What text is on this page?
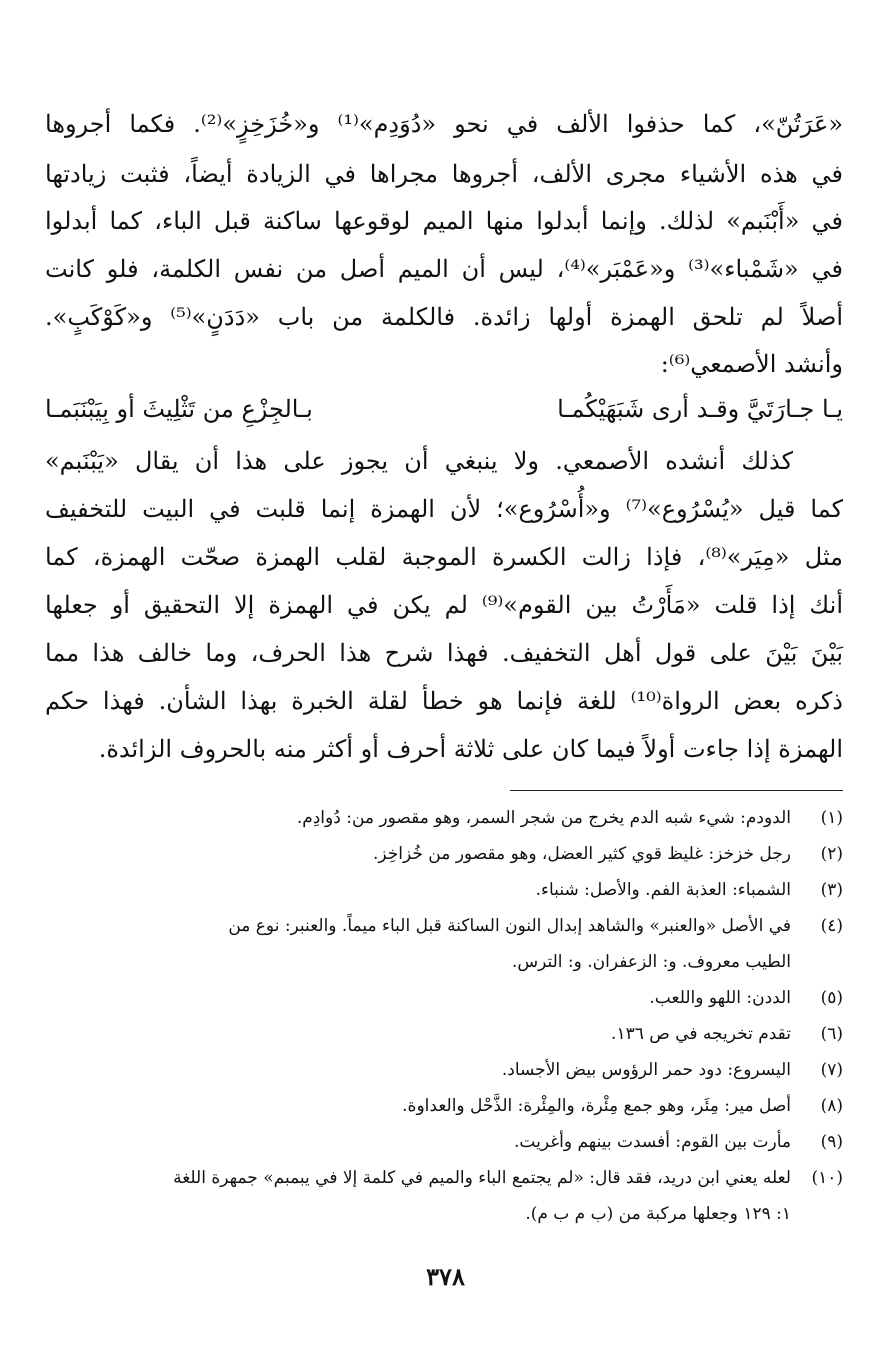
«عَرَتُنّ»، كما حذفوا الألف في نحو «دُوَدِم»⁽¹⁾ و«خُزَخِزٍ»⁽²⁾. فكما أجروها
في هذه الأشياء مجرى الألف، أجروها مجراها في الزيادة أيضاً، فثبت زيادتها
في «أَبْنَبم» لذلك. وإنما أبدلوا منها الميم لوقوعها ساكنة قبل الباء، كما أبدلوا
في «شَمْباء»⁽³⁾ و«عَمْبَر»⁽⁴⁾، ليس أن الميم أصل من نفس الكلمة، فلو كانت
أصلاً لم تلحق الهمزة أولها زائدة. فالكلمة من باب «دَدَنٍ»⁽⁵⁾ و«كَوْكَبٍ».
وأنشد الأصمعي⁽⁶⁾:
يـا جـارَتَيَّ وقـد أرى شَبَهَيْكُمـا
بـالجِزْعِ من تَثْلِيثَ أو بِيَبْنَبَمـا
كذلك أنشده الأصمعي. ولا ينبغي أن يجوز على هذا أن يقال «يَبْنَبم»
كما قيل «يُسْرُوع»⁽⁷⁾ و«أُسْرُوع»؛ لأن الهمزة إنما قلبت في البيت للتخفيف
مثل «مِيَر»⁽⁸⁾، فإذا زالت الكسرة الموجبة لقلب الهمزة صحّت الهمزة، كما
أنك إذا قلت «مَأَرْتُ بين القوم»⁽⁹⁾ لم يكن في الهمزة إلا التحقيق أو جعلها
بَيْنَ بَيْنَ على قول أهل التخفيف. فهذا شرح هذا الحرف، وما خالف هذا مما
ذكره بعض الرواة⁽¹⁰⁾ للغة فإنما هو خطأ لقلة الخبرة بهذا الشأن. فهذا حكم
الهمزة إذا جاءت أولاً فيما كان على ثلاثة أحرف أو أكثر منه بالحروف الزائدة.
(١)الدودم: شيء شبه الدم يخرج من شجر السمر، وهو مقصور من: دُوادِم.
(٢)رجل خزخز: غليظ قوي كثير العضل، وهو مقصور من خُزاخِز.
(٣)الشمباء: العذبة الفم. والأصل: شنباء.
(٤)في الأصل «والعنبر» والشاهد إبدال النون الساكنة قبل الباء ميماً. والعنبر: نوع من
الطيب معروف. و: الزعفران. و: الترس.
(٥)الددن: اللهو واللعب.
(٦)تقدم تخريجه في ص ١٣٦.
(٧)اليسروع: دود حمر الرؤوس بيض الأجساد.
(٨)أصل مير: مِئَر، وهو جمع مِئْرة، والمِئْرة: الذَّحْل والعداوة.
(٩)مأرت بين القوم: أفسدت بينهم وأغريت.
(١٠)لعله يعني ابن دريد، فقد قال: «لم يجتمع الباء والميم في كلمة إلا في يبمبم» جمهرة اللغة
١: ١٢٩ وجعلها مركبة من (ب م ب م).
٣٧٨
